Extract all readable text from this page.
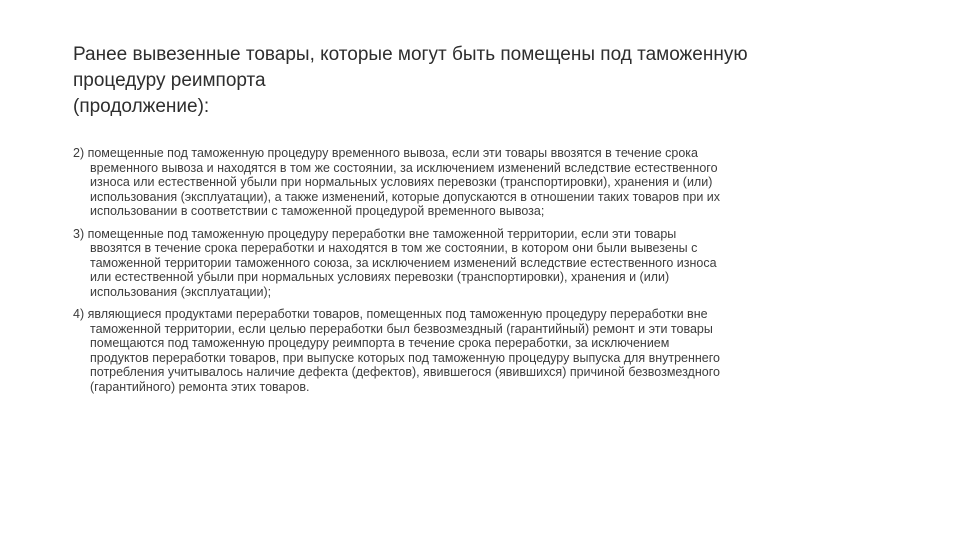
Ранее вывезенные товары, которые могут быть помещены под таможенную
процедуру реимпорта
(продолжение):

2) помещенные под таможенную процедуру временного вывоза, если эти товары ввозятся в течение срока
временного вывоза и находятся в том же состоянии, за исключением изменений вследствие естественного
износа или естественной убыли при нормальных условиях перевозки (транспортировки), хранения и (или)
использования (эксплуатации), а также изменений, которые допускаются в отношении таких товаров при их
использовании в соответствии с таможенной процедурой временного вывоза;

3) помещенные под таможенную процедуру переработки вне таможенной территории, если эти товары
ввозятся в течение срока переработки и находятся в том же состоянии, в котором они были вывезены с
таможенной территории таможенного союза, за исключением изменений вследствие естественного износа
или естественной убыли при нормальных условиях перевозки (транспортировки), хранения и (или)
использования (эксплуатации);

4) являющиеся продуктами переработки товаров, помещенных под таможенную процедуру переработки вне
таможенной территории, если целью переработки был безвозмездный (гарантийный) ремонт и эти товары
помещаются под таможенную процедуру реимпорта в течение срока переработки, за исключением
продуктов переработки товаров, при выпуске которых под таможенную процедуру выпуска для внутреннего
потребления учитывалось наличие дефекта (дефектов), явившегося (явившихся) причиной безвозмездного
(гарантийного) ремонта этих товаров.
